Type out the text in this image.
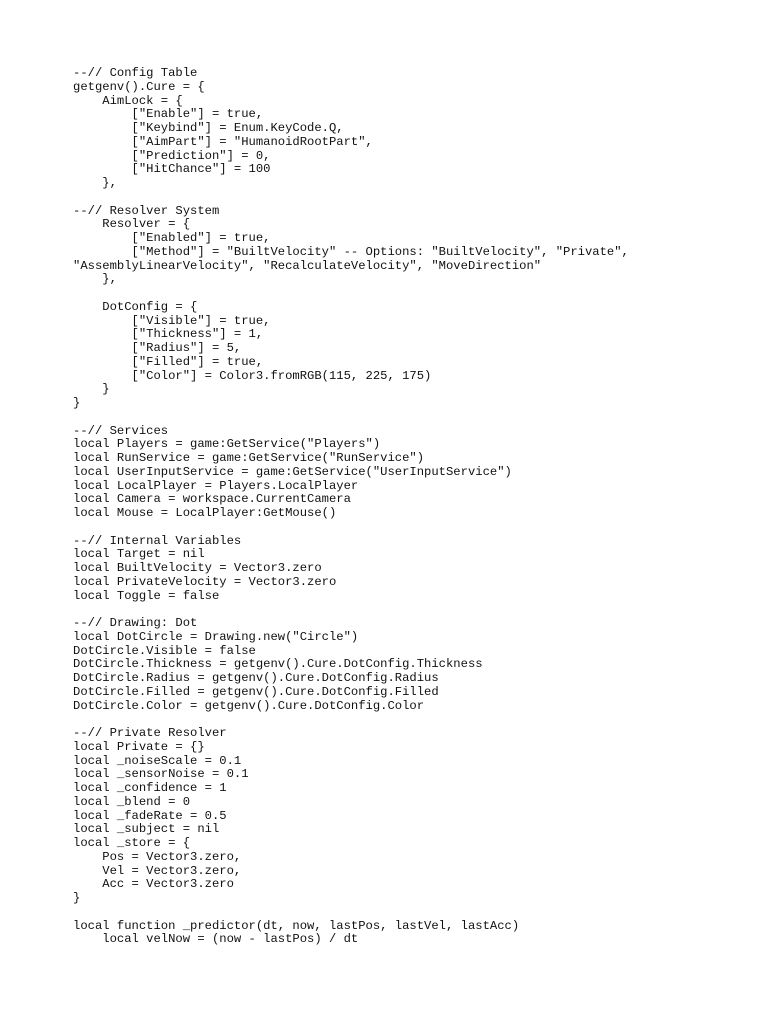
--// Config Table
getgenv().Cure = {
AimLock = {
["Enable"] = true,
["Keybind"] = Enum.KeyCode.Q,
["AimPart"] = "HumanoidRootPart",
["Prediction"] = 0,
["HitChance"] = 100
},
--// Resolver System
Resolver = {
["Enabled"] = true,
["Method"] = "BuiltVelocity" -- Options: "BuiltVelocity", "Private",
"AssemblyLinearVelocity", "RecalculateVelocity", "MoveDirection"
},
DotConfig = {
["Visible"] = true,
["Thickness"] = 1,
["Radius"] = 5,
["Filled"] = true,
["Color"] = Color3.fromRGB(115, 225, 175)
}
}
--// Services
local Players = game:GetService("Players")
local RunService = game:GetService("RunService")
local UserInputService = game:GetService("UserInputService")
local LocalPlayer = Players.LocalPlayer
local Camera = workspace.CurrentCamera
local Mouse = LocalPlayer:GetMouse()
--// Internal Variables
local Target = nil
local BuiltVelocity = Vector3.zero
local PrivateVelocity = Vector3.zero
local Toggle = false
--// Drawing: Dot
local DotCircle = Drawing.new("Circle")
DotCircle.Visible = false
DotCircle.Thickness = getgenv().Cure.DotConfig.Thickness
DotCircle.Radius = getgenv().Cure.DotConfig.Radius
DotCircle.Filled = getgenv().Cure.DotConfig.Filled
DotCircle.Color = getgenv().Cure.DotConfig.Color
--// Private Resolver
local Private = {}
local _noiseScale = 0.1
local _sensorNoise = 0.1
local _confidence = 1
local _blend = 0
local _fadeRate = 0.5
local _subject = nil
local _store = {
Pos = Vector3.zero,
Vel = Vector3.zero,
Acc = Vector3.zero
}
local function _predictor(dt, now, lastPos, lastVel, lastAcc)
local velNow = (now - lastPos) / dt
